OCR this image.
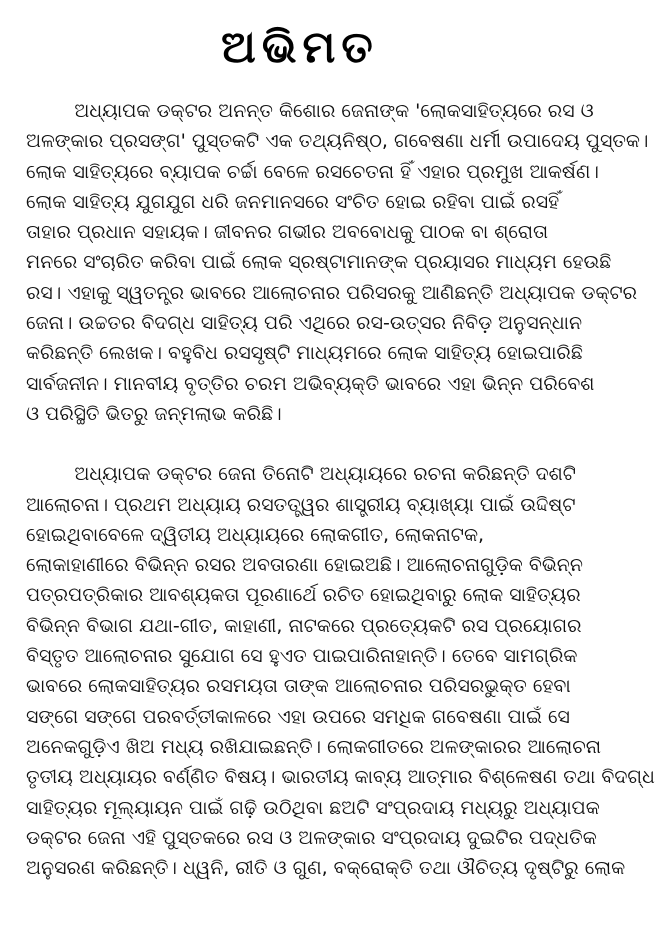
ଅଭିମତ
ଅଧ୍ୟାପକ ଡକ୍ଟର ଅନନ୍ତ କିଶୋର ଜେନାଙ୍କ 'ଲୋକସାହିତ୍ୟରେ ରସ ଓ
ଅଳଙ୍କାର ପ୍ରସଙ୍ଗ' ପୁସ୍ତକଟି ଏକ ତଥ୍ୟନିଷ୍ଠ, ଗବେଷଣା ଧର୍ମୀ ଉପାଦେୟ ପୁସ୍ତକ।
ଲୋକ ସାହିତ୍ୟରେ ବ୍ୟାପକ ଚର୍ଚ୍ଚା ବେଳେ ରସଚେତନା ହିଁ ଏହାର ପ୍ରମୁଖ ଆକର୍ଷଣ।
ଲୋକ ସାହିତ୍ୟ ଯୁଗଯୁଗ ଧରି ଜନମାନସରେ ସଂଚିତ ହୋଇ ରହିବା ପାଇଁ ରସହିଁ
ତାହାର ପ୍ରଧାନ ସହାୟକ। ଜୀବନର ଗଭୀର ଅବବୋଧକୁ ପାଠକ ବା ଶ୍ରୋତା
ମନରେ ସଂଚାରିତ କରିବା ପାଇଁ ଲୋକ ସ୍ରଷ୍ଟାମାନଙ୍କ ପ୍ରୟାସର ମାଧ୍ୟମ ହେଉଛି
ରସ। ଏହାକୁ ସ୍ୱତନ୍ତ୍ର ଭାବରେ ଆଲୋଚନାର ପରିସରକୁ ଆଣିଛନ୍ତି ଅଧ୍ୟାପକ ଡକ୍ଟର
ଜେନା। ଉଚ୍ଚତର ବିଦଗ୍ଧ ସାହିତ୍ୟ ପରି ଏଥିରେ ରସ-ଉତ୍ସର ନିବିଡ଼ ଅନୁସନ୍ଧାନ
କରିଛନ୍ତି ଲେଖକ। ବହୁବିଧ ରସସୃଷ୍ଟି ମାଧ୍ୟମରେ ଲୋକ ସାହିତ୍ୟ ହୋଇପାରିଛି
ସାର୍ବଜନୀନ। ମାନବୀୟ ବୃତ୍ତିର ଚରମ ଅଭିବ୍ୟକ୍ତି ଭାବରେ ଏହା ଭିନ୍ନ ପରିବେଶ
ଓ ପରିସ୍ଥିତି ଭିତରୁ ଜନ୍ମଲାଭ କରିଛି।
ଅଧ୍ୟାପକ ଡକ୍ଟର ଜେନା ତିନୋଟି ଅଧ୍ୟାୟରେ ରଚନା କରିଛନ୍ତି ଦଶଟି
ଆଲୋଚନା। ପ୍ରଥମ ଅଧ୍ୟାୟ ରସତତ୍ତ୍ୱର ଶାସ୍ତ୍ରୀୟ ବ୍ୟାଖ୍ୟା ପାଇଁ ଉଦ୍ଦିଷ୍ଟ
ହୋଇଥିବାବେଳେ ଦ୍ୱିତୀୟ ଅଧ୍ୟାୟରେ ଲୋକଗୀତ, ଲୋକନାଟକ,
ଲୋକାହାଣୀରେ ବିଭିନ୍ନ ରସର ଅବତାରଣା ହୋଇଅଛି। ଆଲୋଚନାଗୁଡ଼ିକ ବିଭିନ୍ନ
ପତ୍ରପତ୍ରିକାର ଆବଶ୍ୟକତା ପୂରଣାର୍ଥେ ରଚିତ ହୋଇଥିବାରୁ ଲୋକ ସାହିତ୍ୟର
ବିଭିନ୍ନ ବିଭାଗ ଯଥା-ଗୀତ, କାହାଣୀ, ନାଟକରେ ପ୍ରତ୍ୟେକଟି ରସ ପ୍ରୟୋଗର
ବିସ୍ତୃତ ଆଲୋଚନାର ସୁଯୋଗ ସେ ହୁଏତ ପାଇପାରିନାହାନ୍ତି। ତେବେ ସାମଗ୍ରିକ
ଭାବରେ ଲୋକସାହିତ୍ୟର ରସମୟତା ତାଙ୍କ ଆଲୋଚନାର ପରିସରଭୁକ୍ତ ହେବା
ସଙ୍ଗେ ସଙ୍ଗେ ପରବର୍ତ୍ତୀକାଳରେ ଏହା ଉପରେ ସମଧିକ ଗବେଷଣା ପାଇଁ ସେ
ଅନେକଗୁଡ଼ିଏ ଖିଅ ମଧ୍ୟ ରଖିଯାଇଛନ୍ତି। ଲୋକଗୀତରେ ଅଳଙ୍କାରର ଆଲୋଚନା
ତୃତୀୟ ଅଧ୍ୟାୟର ବର୍ଣ୍ଣିତ ବିଷୟ। ଭାରତୀୟ କାବ୍ୟ ଆତ୍ମାର ବିଶ୍ଳେଷଣ ତଥା ବିଦଗ୍ଧ
ସାହିତ୍ୟର ମୂଲ୍ୟାୟନ ପାଇଁ ଗଢ଼ି ଉଠିଥିବା ଛଅଟି ସଂପ୍ରଦାୟ ମଧ୍ୟରୁ ଅଧ୍ୟାପକ
ଡକ୍ଟର ଜେନା ଏହି ପୁସ୍ତକରେ ରସ ଓ ଅଳଙ୍କାର ସଂପ୍ରଦାୟ ଦୁଇଟିର ପଦ୍ଧତିକ
ଅନୁସରଣ କରିଛନ୍ତି। ଧ୍ୱନି, ରୀତି ଓ ଗୁଣ, ବକ୍ରୋକ୍ତି ତଥା ଔଚିତ୍ୟ ଦୃଷ୍ଟିରୁ ଲୋକ
